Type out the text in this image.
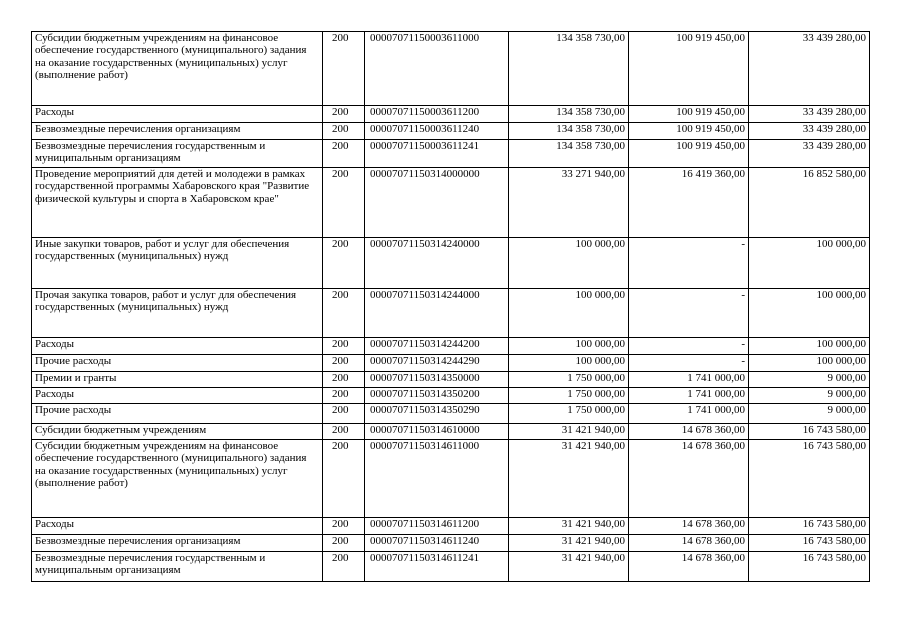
Субсидии бюджетным учреждениям на финансовое обеспечение государственного (муниципального) задания на оказание государственных (муниципальных) услуг (выполнение работ)	200	00007071150003611000	134 358 730,00	100 919 450,00	33 439 280,00
Расходы	200	00007071150003611200	134 358 730,00	100 919 450,00	33 439 280,00
Безвозмездные перечисления организациям	200	00007071150003611240	134 358 730,00	100 919 450,00	33 439 280,00
Безвозмездные перечисления государственным и муниципальным организациям	200	00007071150003611241	134 358 730,00	100 919 450,00	33 439 280,00
Проведение мероприятий для детей и молодежи в рамках государственной программы Хабаровского края "Развитие физической культуры и спорта в Хабаровском крае"	200	00007071150314000000	33 271 940,00	16 419 360,00	16 852 580,00
Иные закупки товаров, работ и услуг для обеспечения государственных (муниципальных) нужд	200	00007071150314240000	100 000,00	-	100 000,00
Прочая закупка товаров, работ и услуг для обеспечения государственных (муниципальных) нужд	200	00007071150314244000	100 000,00	-	100 000,00
Расходы	200	00007071150314244200	100 000,00	-	100 000,00
Прочие расходы	200	00007071150314244290	100 000,00	-	100 000,00
Премии и гранты	200	00007071150314350000	1 750 000,00	1 741 000,00	9 000,00
Расходы	200	00007071150314350200	1 750 000,00	1 741 000,00	9 000,00
Прочие расходы	200	00007071150314350290	1 750 000,00	1 741 000,00	9 000,00
Субсидии бюджетным учреждениям	200	00007071150314610000	31 421 940,00	14 678 360,00	16 743 580,00
Субсидии бюджетным учреждениям на финансовое обеспечение государственного (муниципального) задания на оказание государственных (муниципальных) услуг (выполнение работ)	200	00007071150314611000	31 421 940,00	14 678 360,00	16 743 580,00
Расходы	200	00007071150314611200	31 421 940,00	14 678 360,00	16 743 580,00
Безвозмездные перечисления организациям	200	00007071150314611240	31 421 940,00	14 678 360,00	16 743 580,00
Безвозмездные перечисления государственным и муниципальным организациям	200	00007071150314611241	31 421 940,00	14 678 360,00	16 743 580,00
